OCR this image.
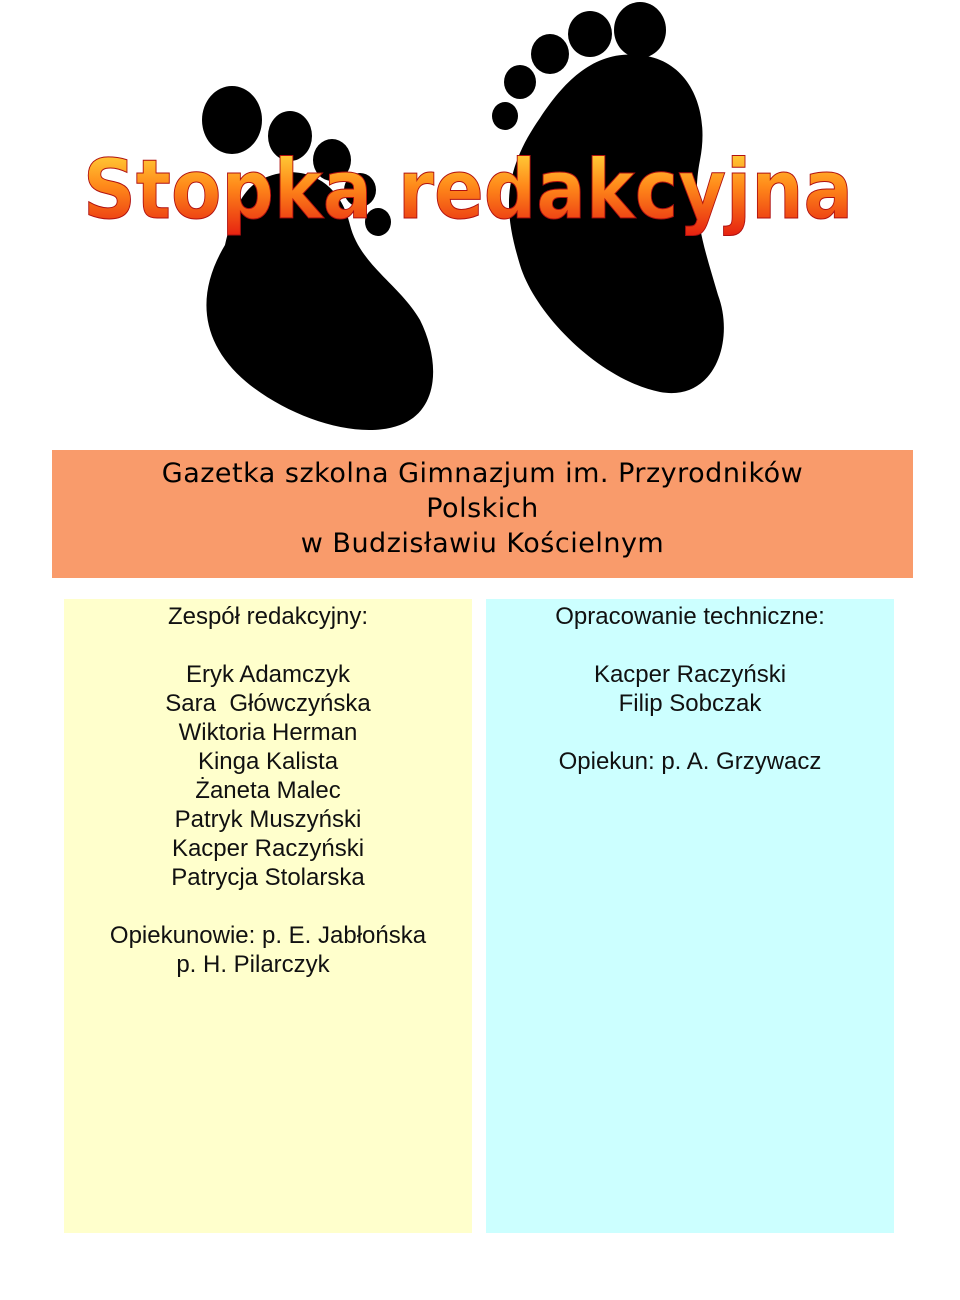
Stopka redakcyjna
Gazetka szkolna Gimnazjum im. Przyrodników
Polskich
w Budzisławiu Kościelnym
Zespół redakcyjny:
Eryk Adamczyk
Sara  Główczyńska
Wiktoria Herman
Kinga Kalista
Żaneta Malec
Patryk Muszyński
Kacper Raczyński
Patrycja Stolarska
Opiekunowie: p. E. Jabłońska
p. H. Pilarczyk
Opracowanie techniczne:
Kacper Raczyński
Filip Sobczak
Opiekun: p. A. Grzywacz
